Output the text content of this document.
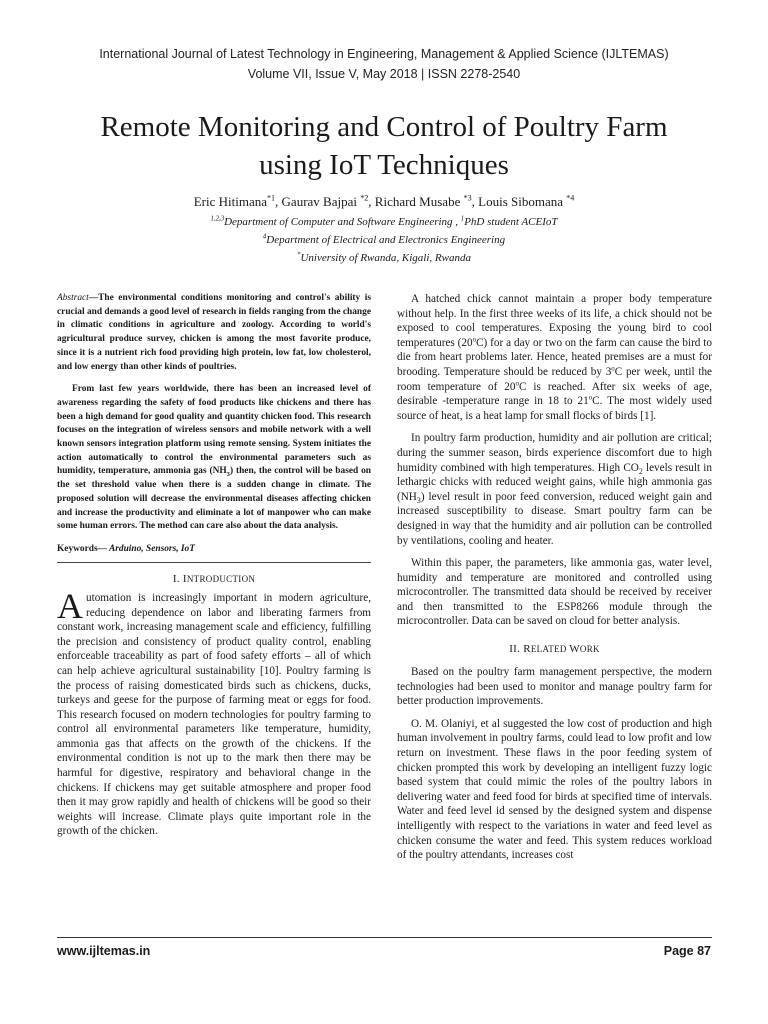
International Journal of Latest Technology in Engineering, Management & Applied Science (IJLTEMAS)
Volume VII, Issue V, May 2018 | ISSN 2278-2540
Remote Monitoring and Control of Poultry Farm
using IoT Techniques
Eric Hitimana$^{*1}$, Gaurav Bajpai $^{*2}$, Richard Musabe $^{*3}$, Louis Sibomana $^{*4}$
$^{1,2,3}$Department of Computer and Software Engineering , $^1$PhD student ACEIoT
$^4$Department of Electrical and Electronics Engineering
*University of Rwanda, Kigali, Rwanda

Abstract—The environmental conditions monitoring and control's ability is crucial and demands a good level of research in fields ranging from the change in climatic conditions in agriculture and zoology. According to world's agricultural produce survey, chicken is among the most favorite produce, since it is a nutrient rich food providing high protein, low fat, low cholesterol, and low energy than other kinds of poultries.

From last few years worldwide, there has been an increased level of awareness regarding the safety of food products like chickens and there has been a high demand for good quality and quantity chicken food. This research focuses on the integration of wireless sensors and mobile network with a well known sensors integration platform using remote sensing. System initiates the action automatically to control the environmental parameters such as humidity, temperature, ammonia gas $(NH_3)$ then, the control will be based on the set threshold value when there is a sudden change in climate. The proposed solution will decrease the environmental diseases affecting chicken and increase the productivity and eliminate a lot of manpower who can make some human errors. The method can care also about the data analysis.

Keywords— Arduino, Sensors, IoT

I. INTRODUCTION

Automation is increasingly important in modern agriculture, reducing dependence on labor and liberating farmers from constant work, increasing management scale and efficiency, fulfilling the precision and consistency of product quality control, enabling enforceable traceability as part of food safety efforts – all of which can help achieve agricultural sustainability [10]. Poultry farming is the process of raising domesticated birds such as chickens, ducks, turkeys and geese for the purpose of farming meat or eggs for food. This research focused on modern technologies for poultry farming to control all environmental parameters like temperature, humidity, ammonia gas that affects on the growth of the chickens. If the environmental condition is not up to the mark then there may be harmful for digestive, respiratory and behavioral change in the chickens. If chickens may get suitable atmosphere and proper food then it may grow rapidly and health of chickens will be good so their weights will increase. Climate plays quite important role in the growth of the chicken.

A hatched chick cannot maintain a proper body temperature without help. In the first three weeks of its life, a chick should not be exposed to cool temperatures. Exposing the young bird to cool temperatures (20$^o$C) for a day or two on the farm can cause the bird to die from heart problems later. Hence, heated premises are a must for brooding. Temperature should be reduced by 3$^o$C per week, until the room temperature of 20$^o$C is reached. After six weeks of age, desirable -temperature range in 18 to 21$^o$C. The most widely used source of heat, is a heat lamp for small flocks of birds [1].

In poultry farm production, humidity and air pollution are critical; during the summer season, birds experience discomfort due to high humidity combined with high temperatures. High $CO_2$ levels result in lethargic chicks with reduced weight gains, while high ammonia gas $(NH_3)$ level result in poor feed conversion, reduced weight gain and increased susceptibility to disease. Smart poultry farm can be designed in way that the humidity and air pollution can be controlled by ventilations, cooling and heater.

Within this paper, the parameters, like ammonia gas, water level, humidity and temperature are monitored and controlled using microcontroller. The transmitted data should be received by receiver and then transmitted to the ESP8266 module through the microcontroller. Data can be saved on cloud for better analysis.

II. RELATED WORK

Based on the poultry farm management perspective, the modern technologies had been used to monitor and manage poultry farm for better production improvements.

O. M. Olaniyi, et al suggested the low cost of production and high human involvement in poultry farms, could lead to low profit and low return on investment. These flaws in the poor feeding system of chicken prompted this work by developing an intelligent fuzzy logic based system that could mimic the roles of the poultry labors in delivering water and feed food for birds at specified time of intervals. Water and feed level id sensed by the designed system and dispense intelligently with respect to the variations in water and feed level as chicken consume the water and feed. This system reduces workload of the poultry attendants, increases cost

www.ijltemas.in	Page 87
